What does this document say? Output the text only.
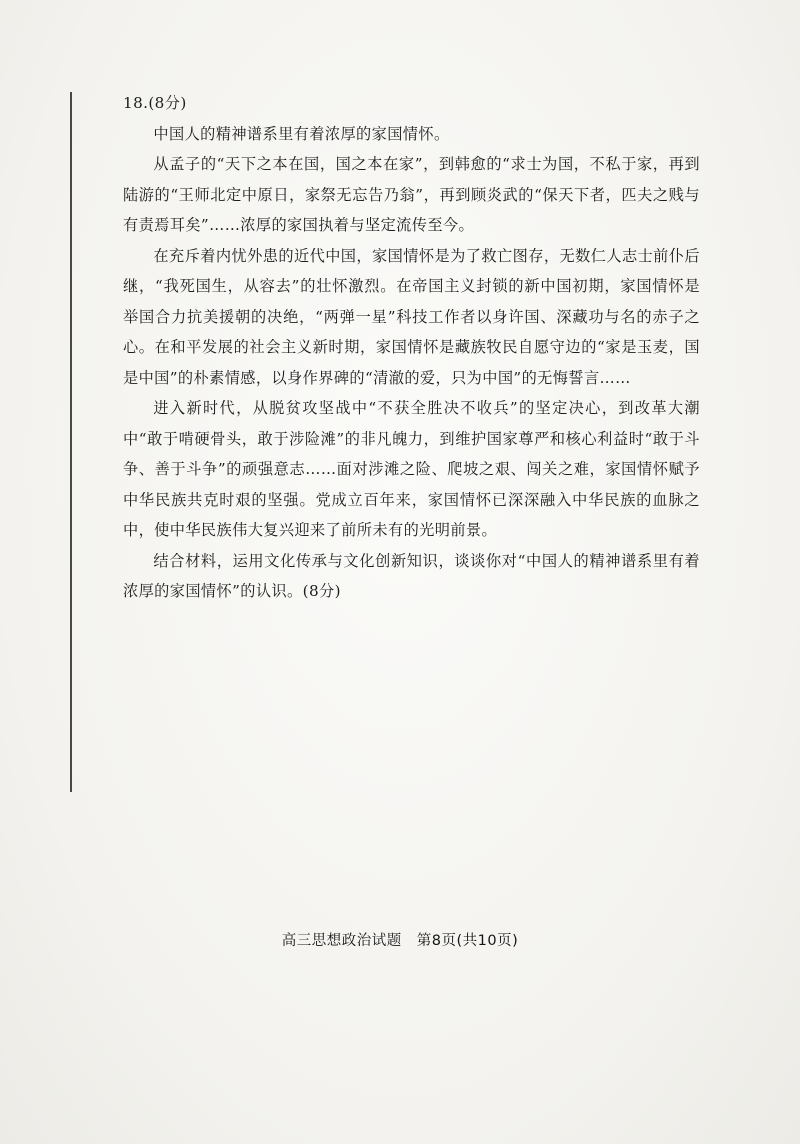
18.(8分)

中国人的精神谱系里有着浓厚的家国情怀。

从孟子的“天下之本在国，国之本在家”，到韩愈的“求士为国，不私于家，再到陆游的“王师北定中原日，家祭无忘告乃翁”，再到顾炎武的“保天下者，匹夫之贱与有责焉耳矣”……浓厚的家国执着与坚定流传至今。

在充斥着内忧外患的近代中国，家国情怀是为了救亡图存，无数仁人志士前仆后继，“我死国生，从容去”的壮怀激烈。在帝国主义封锁的新中国初期，家国情怀是举国合力抗美援朝的决绝，“两弹一星”科技工作者以身许国、深藏功与名的赤子之心。在和平发展的社会主义新时期，家国情怀是藏族牧民自愿守边的“家是玉麦，国是中国”的朴素情感，以身作界碑的“清澈的爱，只为中国”的无悔誓言……

进入新时代，从脱贫攻坚战中“不获全胜决不收兵”的坚定决心，到改革大潮中“敢于啃硬骨头，敢于涉险滩”的非凡魄力，到维护国家尊严和核心利益时“敢于斗争、善于斗争”的顽强意志……面对涉滩之险、爬坡之艰、闯关之难，家国情怀赋予中华民族共克时艰的坚强。党成立百年来，家国情怀已深深融入中华民族的血脉之中，使中华民族伟大复兴迎来了前所未有的光明前景。

结合材料，运用文化传承与文化创新知识，谈谈你对“中国人的精神谱系里有着浓厚的家国情怀”的认识。(8分)

高三思想政治试题　第8页(共10页)
